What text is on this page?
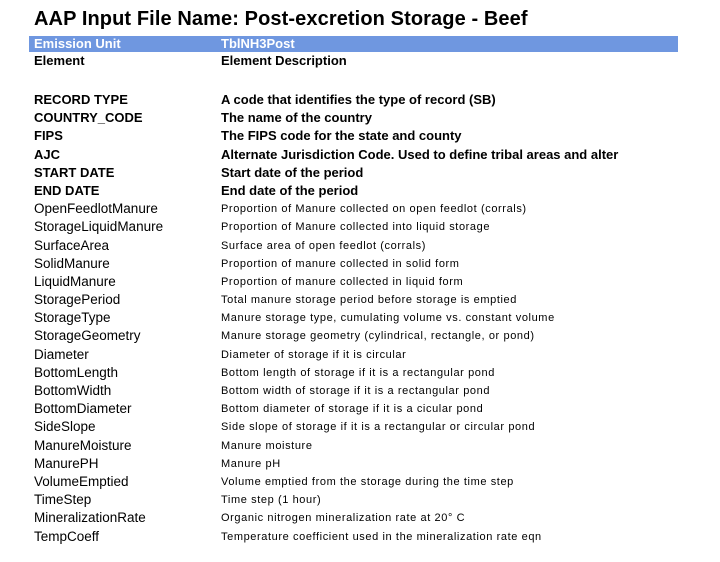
AAP Input File Name: Post-excretion Storage - Beef
Emission Unit	TblNH3Post
Element	Element Description
RECORD TYPE	A code that identifies the type of record (SB)
COUNTRY_CODE	The name of the country
FIPS	The FIPS code for the state and county
AJC	Alternate Jurisdiction Code. Used to define tribal areas and alter
START DATE	Start date of the period
END DATE	End date of the period
OpenFeedlotManure	Proportion of Manure collected on open feedlot (corrals)
StorageLiquidManure	Proportion of Manure collected into liquid storage
SurfaceArea	Surface area of open feedlot (corrals)
SolidManure	Proportion of manure collected in solid form
LiquidManure	Proportion of manure collected in liquid form
StoragePeriod	Total manure storage period before storage is emptied
StorageType	Manure storage type, cumulating volume vs. constant volume
StorageGeometry	Manure storage geometry (cylindrical, rectangle, or pond)
Diameter	Diameter of storage if it is circular
BottomLength	Bottom length of storage if it is a rectangular pond
BottomWidth	Bottom width of storage if it is a rectangular pond
BottomDiameter	Bottom diameter of storage if it is a cicular pond
SideSlope	Side slope of storage if it is a rectangular or circular pond
ManureMoisture	Manure moisture
ManurePH	Manure pH
VolumeEmptied	Volume emptied from the storage during the time step
TimeStep	Time step (1 hour)
MineralizationRate	Organic nitrogen mineralization rate at 20° C
TempCoeff	Temperature coefficient used in the mineralization rate eqn
